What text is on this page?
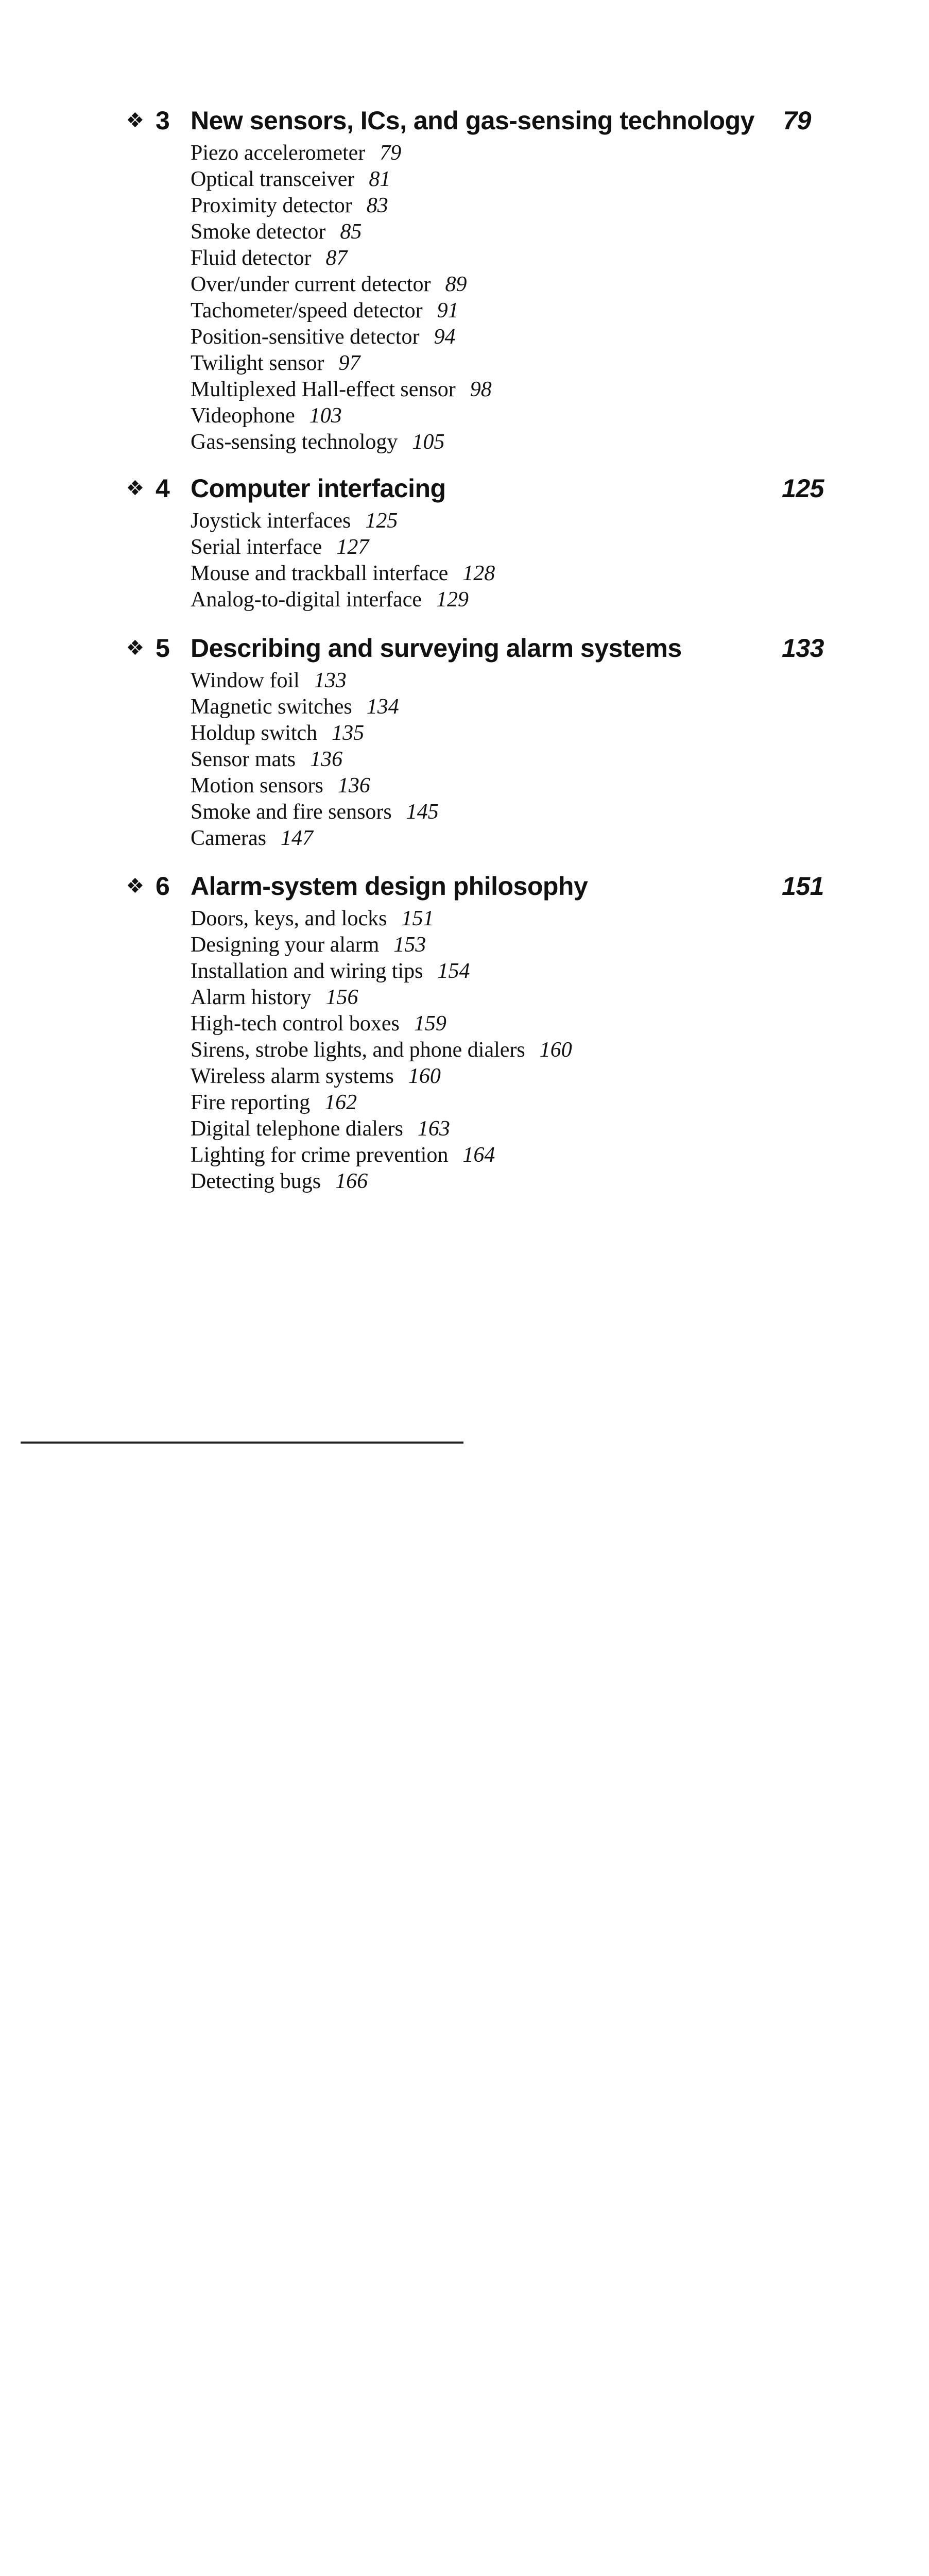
❖ 3 New sensors, ICs, and gas-sensing technology 79
Piezo accelerometer 79
Optical transceiver 81
Proximity detector 83
Smoke detector 85
Fluid detector 87
Over/under current detector 89
Tachometer/speed detector 91
Position-sensitive detector 94
Twilight sensor 97
Multiplexed Hall-effect sensor 98
Videophone 103
Gas-sensing technology 105
❖ 4 Computer interfacing	125
Joystick interfaces 125
Serial interface 127
Mouse and trackball interface 128
Analog-to-digital interface 129
❖ 5 Describing and surveying alarm systems	133
Window foil 133
Magnetic switches 134
Holdup switch 135
Sensor mats 136
Motion sensors 136
Smoke and fire sensors 145
Cameras 147
❖ 6 Alarm-system design philosophy	151
Doors, keys, and locks 151
Designing your alarm 153
Installation and wiring tips 154
Alarm history 156
High-tech control boxes 159
Sirens, strobe lights, and phone dialers 160
Wireless alarm systems 160
Fire reporting 162
Digital telephone dialers 163
Lighting for crime prevention 164
Detecting bugs 166
